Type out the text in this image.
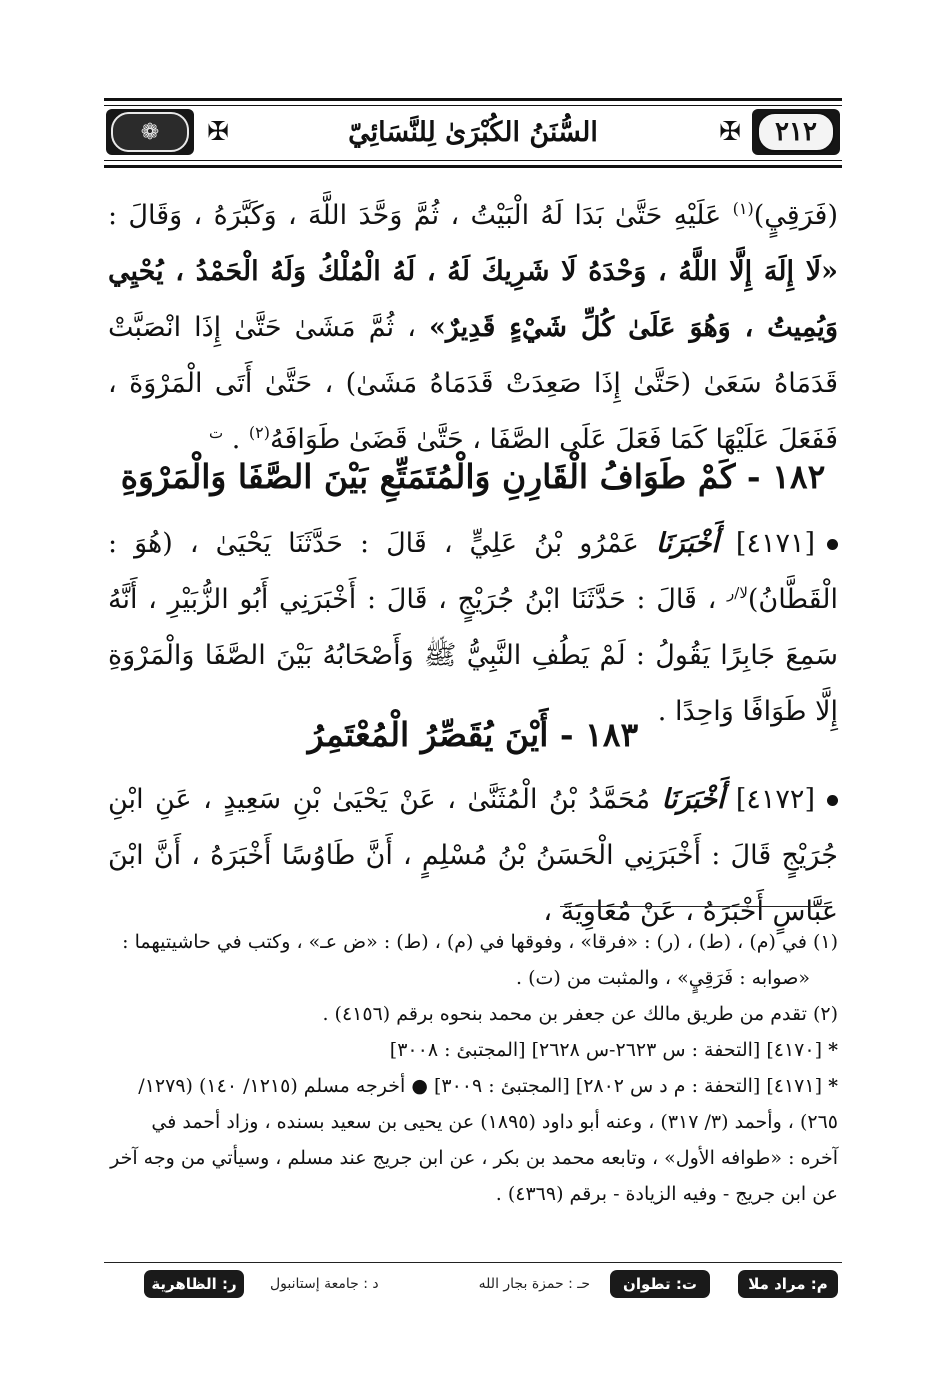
٢١٢
✠
السُّنَنُ الكُبْرَىٰ لِلنَّسَائِيّ
✠
❁
(فَرَقِيٍ)$^{(١)}$ عَلَيْهِ حَتَّىٰ بَدَا لَهُ الْبَيْتُ ، ثُمَّ وَحَّدَ اللَّهَ ، وَكَبَّرَهُ ، وَقَالَ : «لَا إِلَهَ إِلَّا اللَّهُ ، وَحْدَهُ لَا شَرِيكَ لَهُ ، لَهُ الْمُلْكُ وَلَهُ الْحَمْدُ ، يُحْيِي وَيُمِيتُ ، وَهُوَ عَلَىٰ كُلِّ شَيْءٍ قَدِيرٌ» ، ثُمَّ مَشَىٰ حَتَّىٰ إِذَا انْصَبَّتْ قَدَمَاهُ سَعَىٰ (حَتَّىٰ إِذَا صَعِدَتْ قَدَمَاهُ مَشَىٰ) ، حَتَّىٰ أَتَى الْمَرْوَةَ ، فَفَعَلَ عَلَيْهَا كَمَا فَعَلَ عَلَى الصَّفَا ، حَتَّىٰ قَضَىٰ طَوَافَهُ$^{(٢)}$ . $^ت$
١٨٢ - كَمْ طَوَافُ الْقَارِنِ وَالْمُتَمَتِّعِ بَيْنَ الصَّفَا وَالْمَرْوَةِ
[٤١٧١] أَخْبَرَنَا عَمْرُو بْنُ عَلِيٍّ ، قَالَ : حَدَّثَنَا يَحْيَىٰ ، (هُوَ : الْقَطَّانُ)$^{لا/ر}$ ، قَالَ : حَدَّثَنَا ابْنُ جُرَيْجٍ ، قَالَ : أَخْبَرَنِي أَبُو الزُّبَيْرِ ، أَنَّهُ سَمِعَ جَابِرًا يَقُولُ : لَمْ يَطُفِ النَّبِيُّ ﷺ وَأَصْحَابُهُ بَيْنَ الصَّفَا وَالْمَرْوَةِ إِلَّا طَوَافًا وَاحِدًا .
١٨٣ - أَيْنَ يُقَصِّرُ الْمُعْتَمِرُ
[٤١٧٢] أَخْبَرَنَا مُحَمَّدُ بْنُ الْمُثَنَّىٰ ، عَنْ يَحْيَىٰ بْنِ سَعِيدٍ ، عَنِ ابْنِ جُرَيْجٍ قَالَ : أَخْبَرَنِي الْحَسَنُ بْنُ مُسْلِمٍ ، أَنَّ طَاوُسًا أَخْبَرَهُ ، أَنَّ ابْنَ عَبَّاسٍ أَخْبَرَهُ ، عَنْ مُعَاوِيَةَ ،

(١) في (م) ، (ط) ، (ر) : «فرقا» ، وفوقها في (م) ، (ط) : «ض عـ» ، وكتب في حاشيتيهما :

«صوابه : فَرَقِيٍ» ، والمثبت من (ت) .

(٢) تقدم من طريق مالك عن جعفر بن محمد بنحوه برقم (٤١٥٦) .

* [٤١٧٠] [التحفة : س ٢٦٢٣-س ٢٦٢٨] [المجتبئ : ٣٠٠٨]

* [٤١٧١] [التحفة : م د س ٢٨٠٢] [المجتبئ : ٣٠٠٩] ● أخرجه مسلم (١٢١٥/ ١٤٠) (١٢٧٩/ ٢٦٥) ، وأحمد (٣/ ٣١٧) ، وعنه أبو داود (١٨٩٥) عن يحيى بن سعيد بسنده ، وزاد أحمد في آخره : «طوافه الأول» ، وتابعه محمد بن بكر ، عن ابن جريج عند مسلم ، وسيأتي من وجه آخر عن ابن جريج - وفيه الزيادة - برقم (٤٣٦٩) .

م: مراد ملا
ت: تطوان
حـ : حمزة بجار الله
د : جامعة إستانبول
ر: الظاهرية
